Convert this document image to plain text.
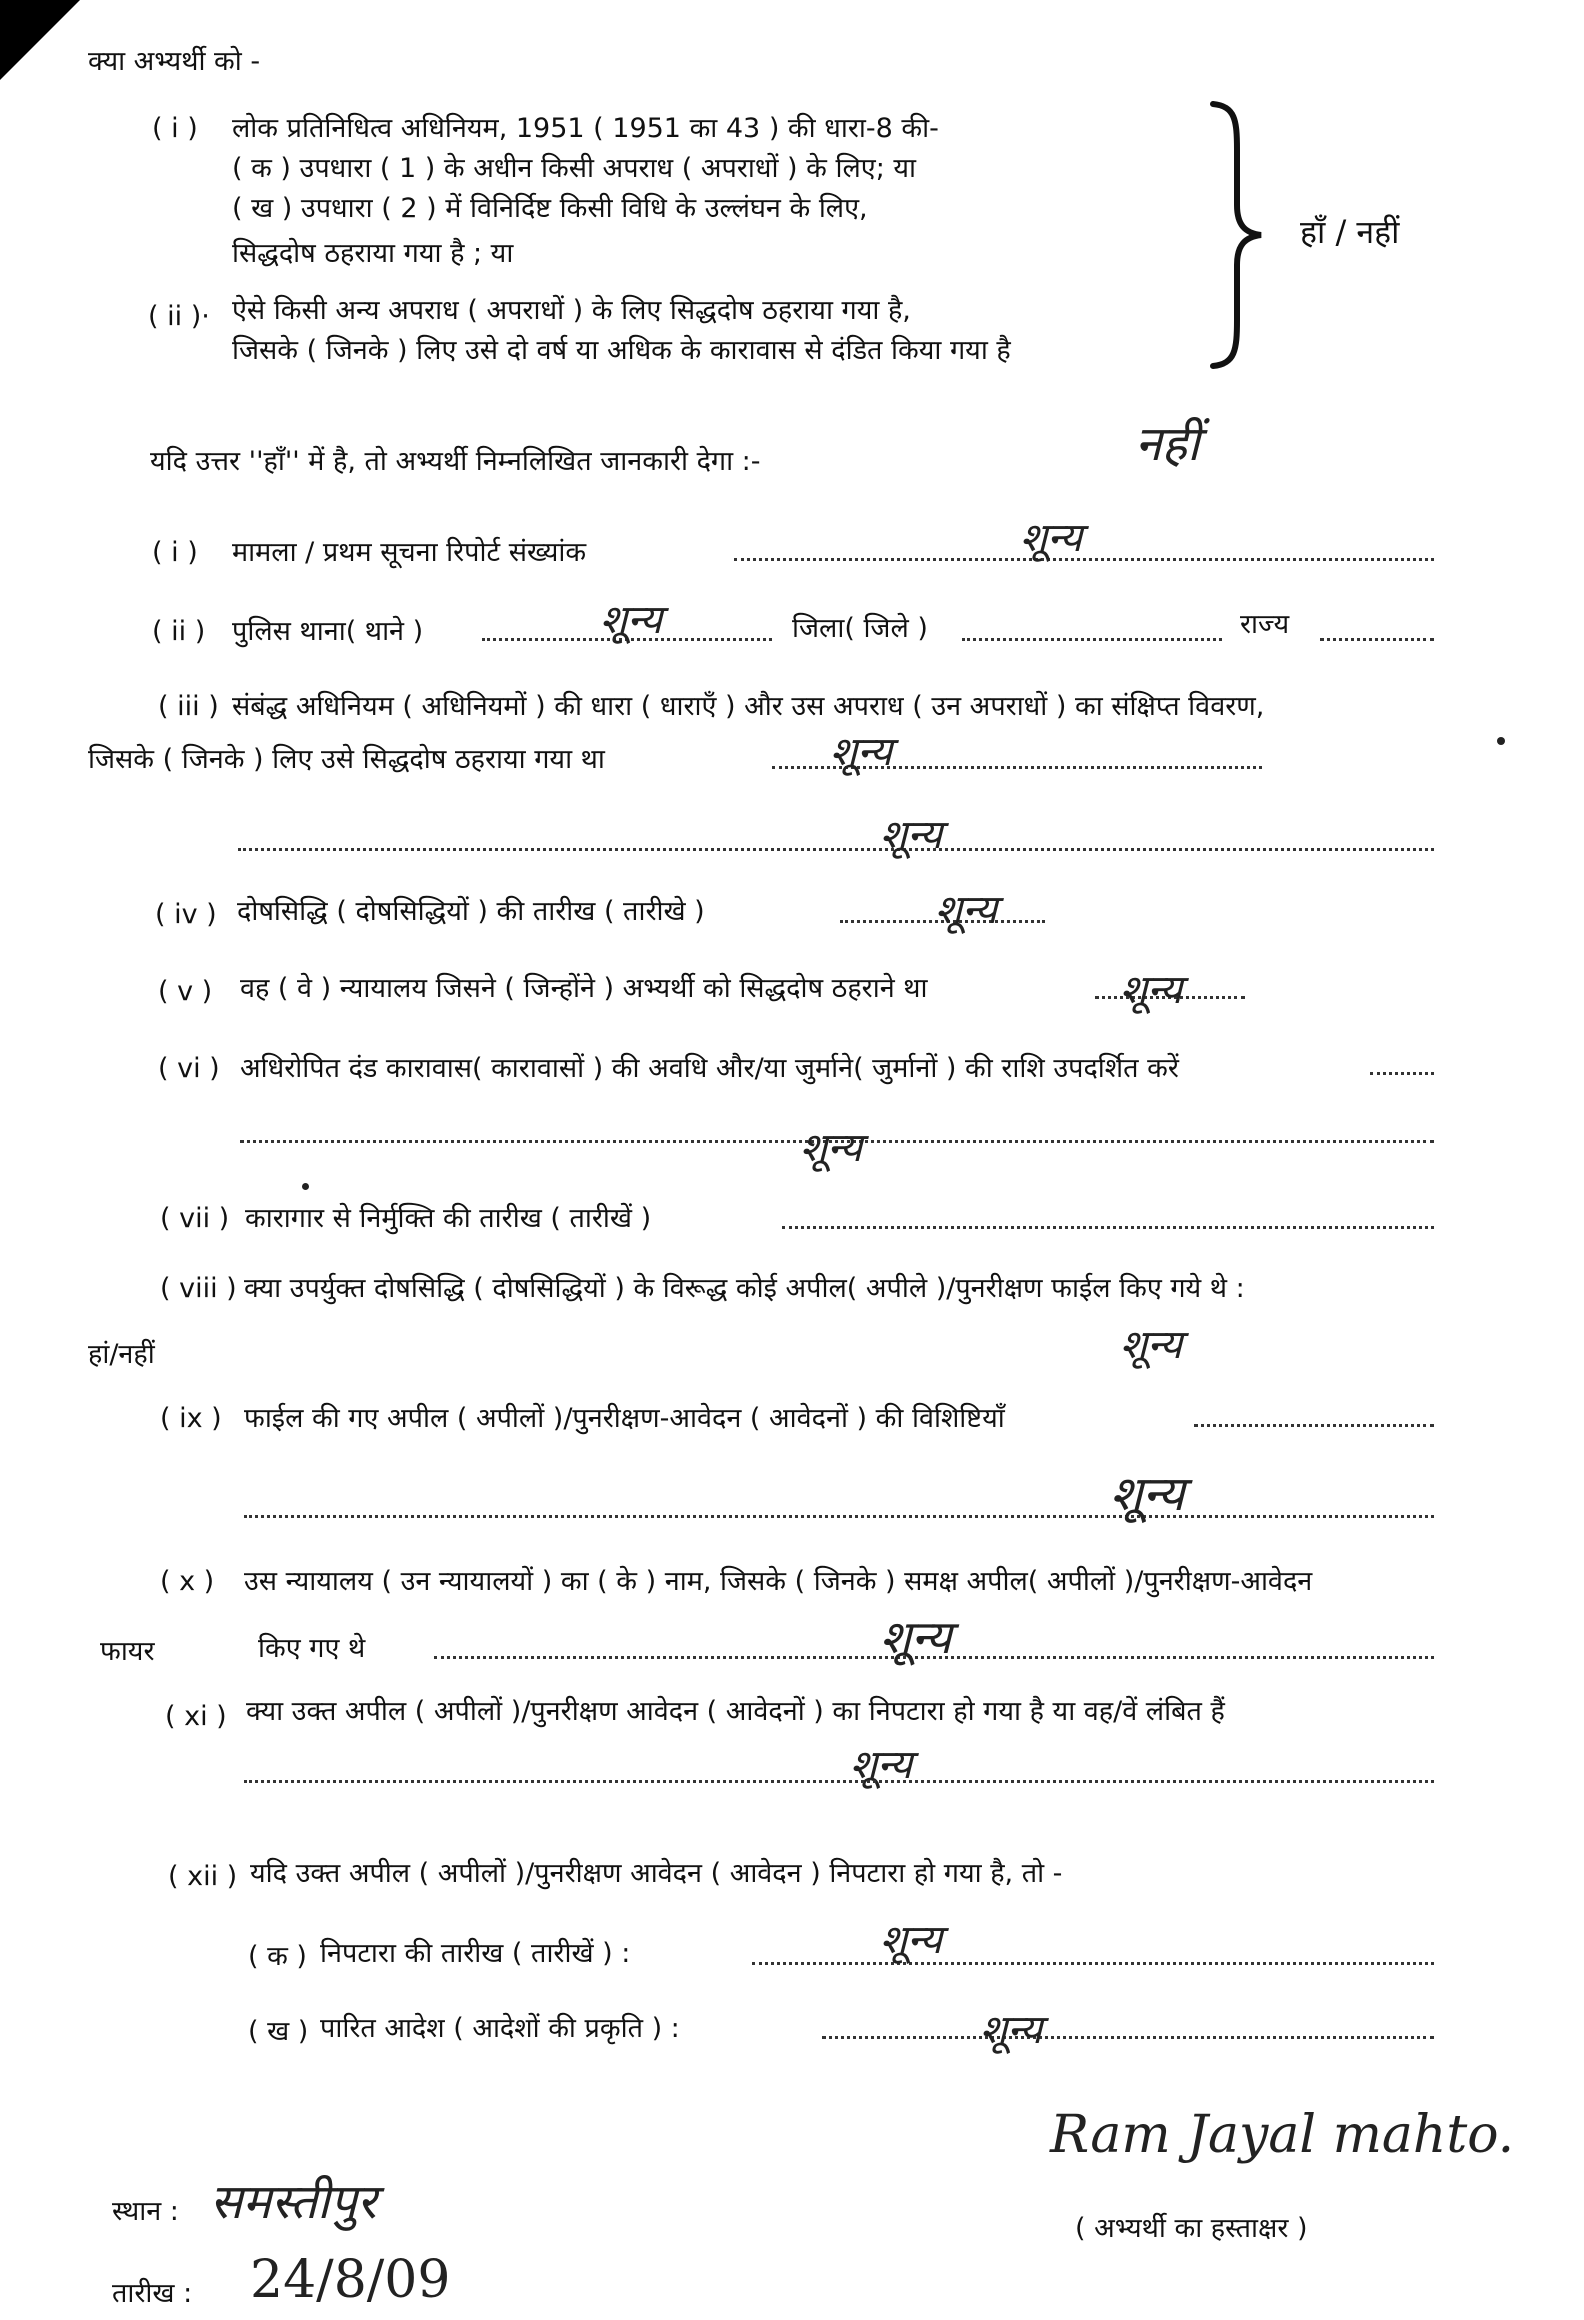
क्या अभ्यर्थी को -
( i ) लोक प्रतिनिधित्व अधिनियम, 1951 ( 1951 का 43 ) की धारा-8 की-
( क ) उपधारा ( 1 ) के अधीन किसी अपराध ( अपराधों ) के लिए; या
( ख ) उपधारा ( 2 ) में विनिर्दिष्ट किसी विधि के उल्लंघन के लिए,
सिद्धदोष ठहराया गया है ; या
( ii )· ऐसे किसी अन्य अपराध ( अपराधों ) के लिए सिद्धदोष ठहराया गया है,
जिसके ( जिनके ) लिए उसे दो वर्ष या अधिक के कारावास से दंडित किया गया है
हाँ / नहीं
यदि उत्तर ''हाँ'' में है, तो अभ्यर्थी निम्नलिखित जानकारी देगा :-	नहीं
( i ) मामला / प्रथम सूचना रिपोर्ट संख्यांक	शून्य
( ii ) पुलिस थाना( थाने )	शून्य	जिला( जिले )	राज्य
( iii ) संबंद्ध अधिनियम ( अधिनियमों ) की धारा ( धाराएँ ) और उस अपराध ( उन अपराधों ) का संक्षिप्त विवरण,
जिसके ( जिनके ) लिए उसे सिद्धदोष ठहराया गया था	शून्य
शून्य
( iv ) दोषसिद्धि ( दोषसिद्धियों ) की तारीख ( तारीखे )	शून्य
( v ) वह ( वे ) न्यायालय जिसने ( जिन्होंने ) अभ्यर्थी को सिद्धदोष ठहराने था	शून्य
( vi ) अधिरोपित दंड कारावास( कारावासों ) की अवधि और/या जुर्माने( जुर्मानों ) की राशि उपदर्शित करें
शून्य
( vii ) कारागार से निर्मुक्ति की तारीख ( तारीखें )
( viii ) क्या उपर्युक्त दोषसिद्धि ( दोषसिद्धियों ) के विरूद्ध कोई अपील( अपीले )/पुनरीक्षण फाईल किए गये थे :
हां/नहीं	शून्य
( ix ) फाईल की गए अपील ( अपीलों )/पुनरीक्षण-आवेदन ( आवेदनों ) की विशिष्टियाँ
शून्य
( x ) उस न्यायालय ( उन न्यायालयों ) का ( के ) नाम, जिसके ( जिनके ) समक्ष अपील( अपीलों )/पुनरीक्षण-आवेदन
फायर	किए गए थे	शून्य
( xi ) क्या उक्त अपील ( अपीलों )/पुनरीक्षण आवेदन ( आवेदनों ) का निपटारा हो गया है या वह/वें लंबित हैं
शून्य
( xii ) यदि उक्त अपील ( अपीलों )/पुनरीक्षण आवेदन ( आवेदन ) निपटारा हो गया है, तो -
( क ) निपटारा की तारीख ( तारीखें ) :	शून्य
( ख ) पारित आदेश ( आदेशों की प्रकृति ) :	शून्य
स्थान : समस्तीपुर
तारीख : 24/8/09
Ram Jayal mahto.
( अभ्यर्थी का हस्ताक्षर )
